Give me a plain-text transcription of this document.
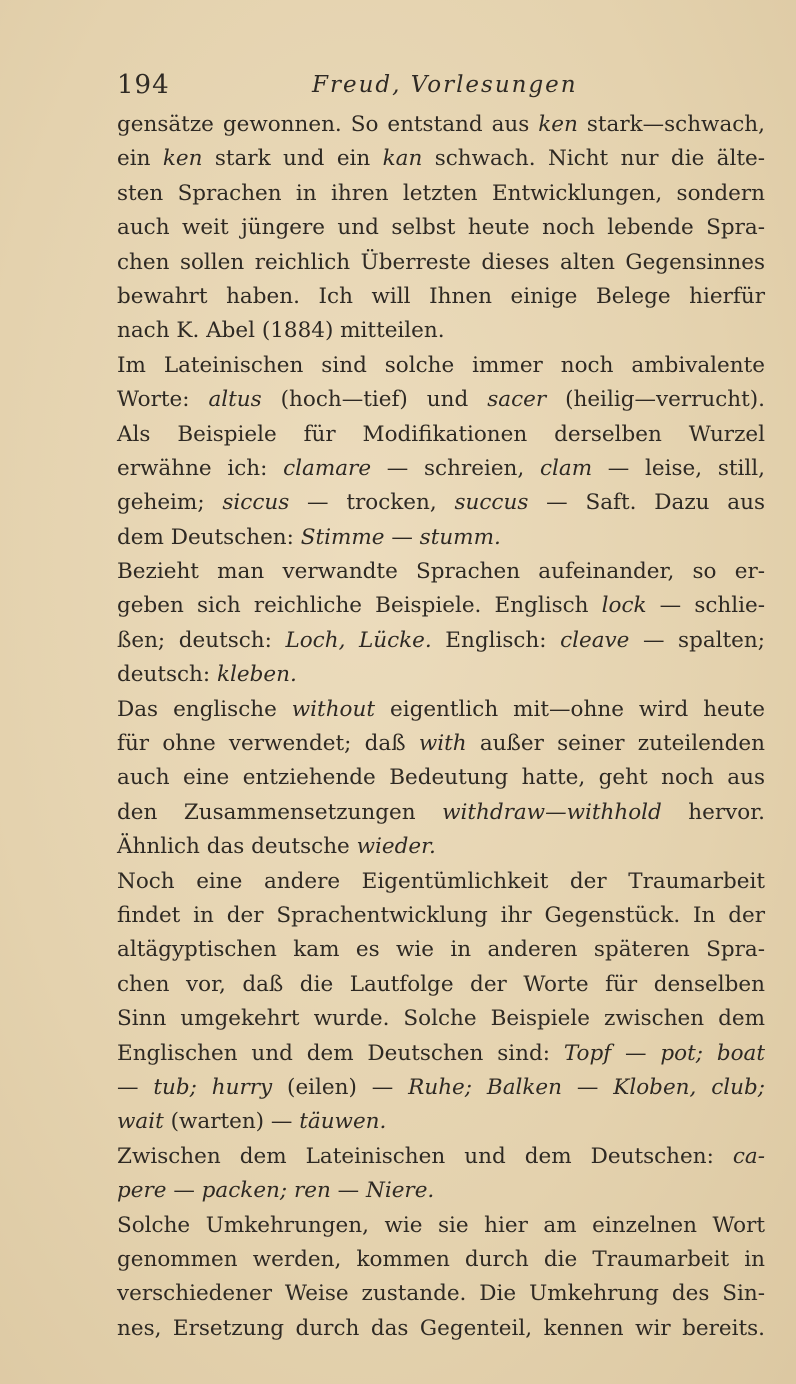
194	Freud, Vorlesungen
gensätze gewonnen. So entstand aus ken stark—schwach,
ein ken stark und ein kan schwach. Nicht nur die älte-
sten Sprachen in ihren letzten Entwicklungen, sondern
auch weit jüngere und selbst heute noch lebende Spra-
chen sollen reichlich Überreste dieses alten Gegensinnes
bewahrt haben. Ich will Ihnen einige Belege hierfür
nach K. Abel (1884) mitteilen.
Im Lateinischen sind solche immer noch ambivalente
Worte: altus (hoch—tief) und sacer (heilig—verrucht).
Als Beispiele für Modifikationen derselben Wurzel
erwähne ich: clamare — schreien, clam — leise, still,
geheim; siccus — trocken, succus — Saft. Dazu aus
dem Deutschen: Stimme — stumm.
Bezieht man verwandte Sprachen aufeinander, so er-
geben sich reichliche Beispiele. Englisch lock — schlie-
ßen; deutsch: Loch, Lücke. Englisch: cleave — spalten;
deutsch: kleben.
Das englische without eigentlich mit—ohne wird heute
für ohne verwendet; daß with außer seiner zuteilenden
auch eine entziehende Bedeutung hatte, geht noch aus
den Zusammensetzungen withdraw—withhold hervor.
Ähnlich das deutsche wieder.
Noch eine andere Eigentümlichkeit der Traumarbeit
findet in der Sprachentwicklung ihr Gegenstück. In der
altägyptischen kam es wie in anderen späteren Spra-
chen vor, daß die Lautfolge der Worte für denselben
Sinn umgekehrt wurde. Solche Beispiele zwischen dem
Englischen und dem Deutschen sind: Topf — pot; boat
— tub; hurry (eilen) — Ruhe; Balken — Kloben, club;
wait (warten) — täuwen.
Zwischen dem Lateinischen und dem Deutschen: ca-
pere — packen; ren — Niere.
Solche Umkehrungen, wie sie hier am einzelnen Wort
genommen werden, kommen durch die Traumarbeit in
verschiedener Weise zustande. Die Umkehrung des Sin-
nes, Ersetzung durch das Gegenteil, kennen wir bereits.
